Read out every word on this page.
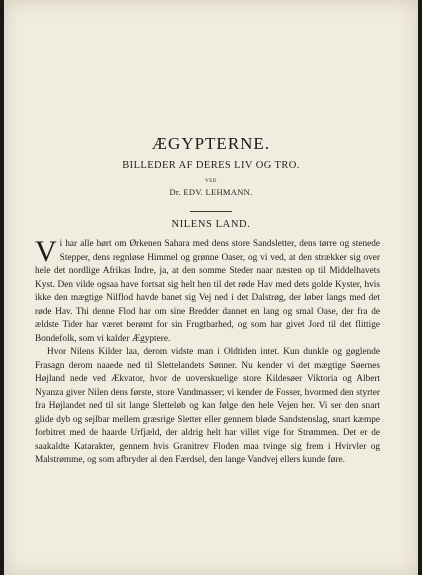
ÆGYPTERNE.
BILLEDER AF DERES LIV OG TRO.
VED
Dr. EDV. LEHMANN.
NILENS LAND.

Vi har alle hørt om Ørkenen Sahara med dens store Sandsletter, dens tørre og stenede Stepper, dens regnløse Himmel og grønne Oaser, og vi ved, at den strækker sig over hele det nordlige Afrikas Indre, ja, at den somme Steder naar næsten op til Middelhavets Kyst. Den vilde ogsaa have fortsat sig helt hen til det røde Hav med dets golde Kyster, hvis ikke den mægtige Nilflod havde banet sig Vej ned i det Dalstrøg, der løber langs med det røde Hav. Thi denne Flod har om sine Bredder dannet en lang og smal Oase, der fra de ældste Tider har været berømt for sin Frugtbarhed, og som har givet Jord til det flittige Bondefolk, som vi kalder Ægyptere.

Hvor Nilens Kilder laa, derom vidste man i Oldtiden intet. Kun dunkle og gøglende Frasagn derom naaede ned til Slettelandets Sønner. Nu kender vi det mægtige Søernes Højland nede ved Ækvator, hvor de uoverskuelige store Kildesøer Viktoria og Albert Nyanza giver Nilen dens første, store Vandmasser; vi kender de Fosser, hvormed den styrter fra Højlandet ned til sit lange Sletteløb og kan følge den hele Vejen her. Vi ser den snart glide dyb og sejlbar mellem græsrige Sletter eller gennem bløde Sandstenslag, snart kæmpe forbitret med de haarde Urfjæld, der aldrig helt har villet vige for Strømmen. Det er de saakaldte Katarakter, gennem hvis Granitrev Floden maa tvinge sig frem i Hvirvler og Malstrømme, og som afbryder al den Færdsel, den lange Vandvej ellers kunde føre.
